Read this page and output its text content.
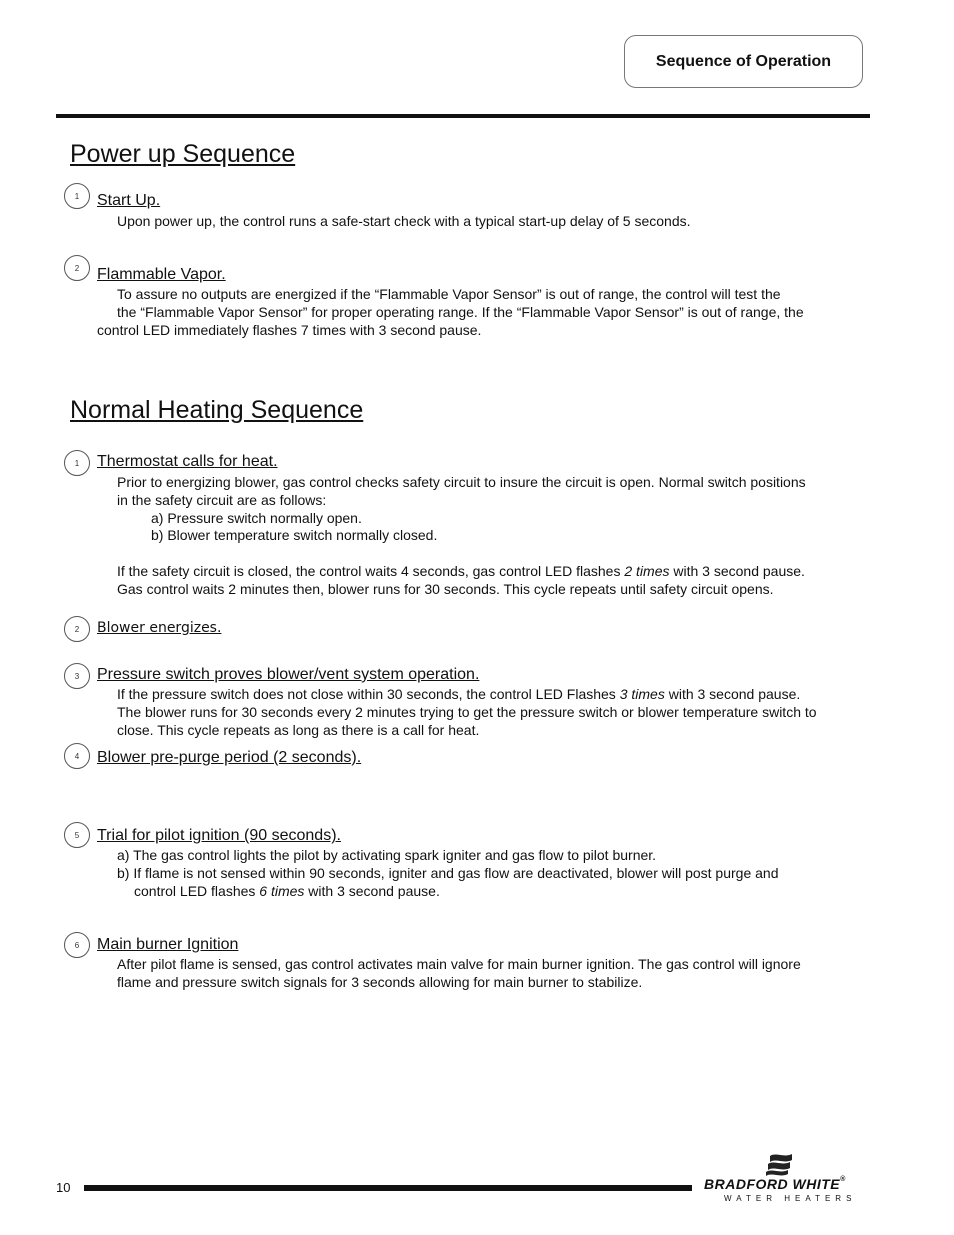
Sequence of Operation
Power up Sequence
1	Start Up.
Upon power up, the control runs a safe-start check with a typical start-up delay of 5 seconds.
2	Flammable Vapor.
To assure no outputs are energized if the “Flammable Vapor Sensor” is out of range, the control will test the
the “Flammable Vapor Sensor” for proper operating range. If the “Flammable Vapor Sensor” is out of range, the
control LED immediately flashes 7 times with 3 second pause.
Normal Heating Sequence
1	Thermostat calls for heat.
Prior to energizing blower, gas control checks safety circuit to insure the circuit is open. Normal switch positions
in the safety circuit are as follows:
a) Pressure switch normally open.
b) Blower temperature switch normally closed.
If the safety circuit is closed, the control waits 4 seconds, gas control LED flashes 2 times with 3 second pause.
Gas control waits 2 minutes then, blower runs for 30 seconds. This cycle repeats until safety circuit opens.
2	Blower energizes.
3	Pressure switch proves blower/vent system operation.
If the pressure switch does not close within 30 seconds, the control LED Flashes 3 times with 3 second pause.
The blower runs for 30 seconds every 2 minutes trying to get the pressure switch or blower temperature switch to
close. This cycle repeats as long as there is a call for heat.
4	Blower pre-purge period (2 seconds).
5	Trial for pilot ignition (90 seconds).
a) The gas control lights the pilot by activating spark igniter and gas flow to pilot burner.
b) If flame is not sensed within 90 seconds, igniter and gas flow are deactivated, blower will post purge and
control LED flashes 6 times with 3 second pause.
6	Main burner Ignition
After pilot flame is sensed, gas control activates main valve for main burner ignition. The gas control will ignore
flame and pressure switch signals for 3 seconds allowing for main burner to stabilize.
10	BRADFORD WHITE®
WATER HEATERS
